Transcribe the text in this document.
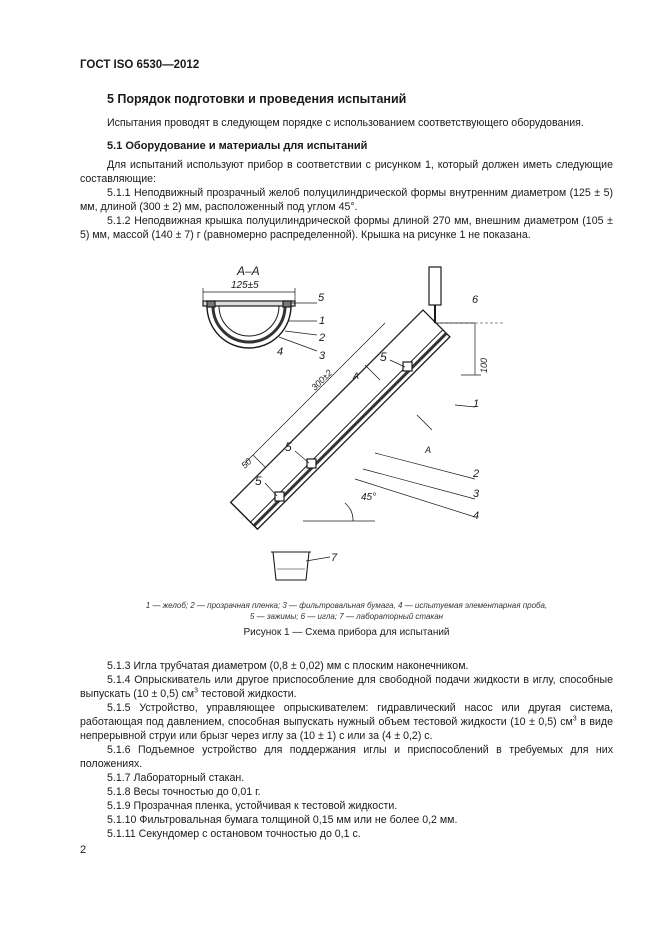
ГОСТ ISO 6530—2012
5 Порядок подготовки и проведения испытаний
Испытания проводят в следующем порядке с использованием соответствующего оборудования.
5.1 Оборудование и материалы для испытаний
Для испытаний используют прибор в соответствии с рисунком 1, который должен иметь следующие составляющие:
5.1.1 Неподвижный прозрачный желоб полуцилиндрической формы внутренним диаметром (125 ± 5) мм, длиной (300 ± 2) мм, расположенный под углом 45°.
5.1.2 Неподвижная крышка полуцилиндрической формы длиной 270 мм, внешним диаметром (105 ± 5) мм, массой (140 ± 7) г (равномерно распределенной). Крышка на рисунке 1 не показана.
А–А
125±5
5
1
2
3
4
6
100
5
А
А
1
2
3
4
300±2
5
50
5
45°
7
1 — желоб; 2 — прозрачная пленка; 3 — фильтровальная бумага, 4 — испытуемая элементарная проба,
5 — зажимы; 6 — игла; 7 — лабораторный стакан
Рисунок 1 — Схема прибора для испытаний
5.1.3 Игла трубчатая диаметром (0,8 ± 0,02) мм с плоским наконечником.
5.1.4 Опрыскиватель или другое приспособление для свободной подачи жидкости в иглу, способные выпускать (10 ± 0,5) $см^3$ тестовой жидкости.
5.1.5 Устройство, управляющее опрыскивателем: гидравлический насос или другая система, работающая под давлением, способная выпускать нужный объем тестовой жидкости (10 ± 0,5) $см^3$ в виде непрерывной струи или брызг через иглу за (10 ± 1) с или за (4 ± 0,2) с.
5.1.6 Подъемное устройство для поддержания иглы и приспособлений в требуемых для них положениях.
5.1.7 Лабораторный стакан.
5.1.8 Весы точностью до 0,01 г.
5.1.9 Прозрачная пленка, устойчивая к тестовой жидкости.
5.1.10 Фильтровальная бумага толщиной 0,15 мм или не более 0,2 мм.
5.1.11 Секундомер с остановом точностью до 0,1 с.
2
